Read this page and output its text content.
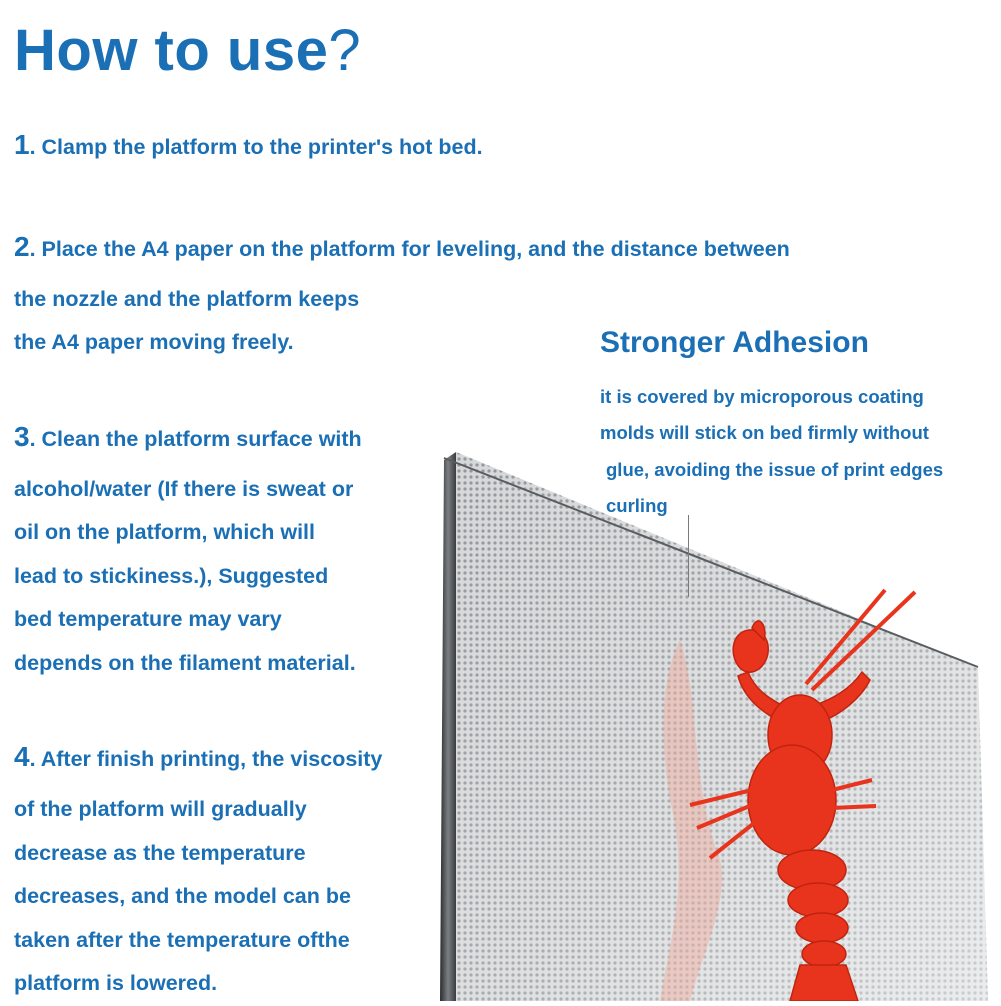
How to use?
1. Clamp the platform to the printer's hot bed.
2. Place the A4 paper on the platform for leveling, and the distance between
the nozzle and the platform keeps
the A4 paper moving freely.
3. Clean the platform surface with
alcohol/water (If there is sweat or
oil on the platform, which will
lead to stickiness.), Suggested
bed temperature may vary
depends on the filament material.
4. After finish printing, the viscosity
of the platform will gradually
decrease as the temperature
decreases, and the model can be
taken after the temperature ofthe
platform is lowered.
Stronger Adhesion
it is covered by microporous coating
molds will stick on bed firmly without
glue, avoiding the issue of print edges
curling
